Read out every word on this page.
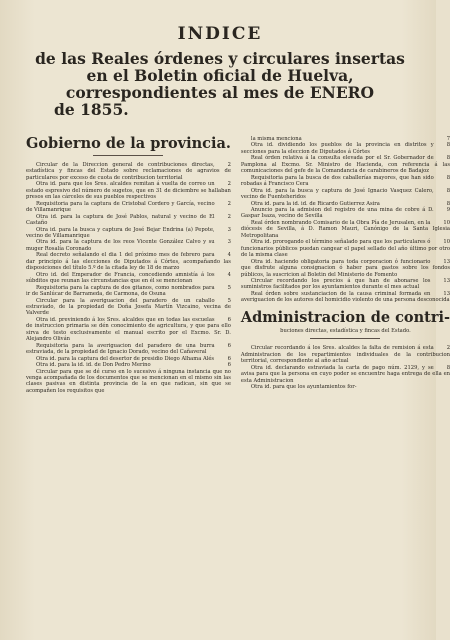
INDICE
de las Reales órdenes y circulares insertas en el Boletin oficial de Huelva, correspondientes al mes de ENERO
de 1855.
Gobierno de la provincia.

2
Circular de la Direccion general de contribuciones directas, estadística y fincas del Estado sobre reclamaciones de agravios de particulares por exceso de cuota de contribucion territorial

2
Otra id. para que los Sres. alcaldes remitan á vuelta de correo un estado espresivo del número de sugetos, que en 31 de diciembre se hallaban presos en las cárceles de sus pueblos respectivos

2
Requisitoria para la captura de Cristobal Cordero y García, vecino de Villamanrique

2
Otra id. para la captura de José Pablos, natural y vecino de El Castaño

3
Otra id. para la busca y captura de José Bejar Endrina (a) Pepote, vecino de Villamanrique

3
Otra id. para la captura de los reos Vicente González Calvo y su muger Rosalía Coronado

4
Real decreto señalando el dia 1 del próximo mes de febrero para dar principio á las elecciones de Diputados á Córtes, acompañando las disposiciones del título 5.º de la citada ley de 18 de marzo

4
Otro id. del Emperador de Francia, concediendo amnistía á los súbditos que reunan las circunstancias que en él se mencionan

5
Requisitoria para la captura de dos gitanos, como nombrados para ir de Sanlúcar de Barrameda, de Carmona, de Osuna

5
Circular para la averiguacion del paradero de un caballo estraviado, de la propiedad de Doña Josefa Martín Vizcaino, vecina de Valverde

6
Otra id. previniendo á los Sres. alcaldes que en todas las escuelas de instruccion primaria se dén conocimiento de agricultura, y que para ello sirva de testo exclusivamente el manual escrito por el Excmo. Sr. D. Alejandro Oliván

6
Requisitoria para la averiguacion del paradero de una burra estraviada, de la propiedad de Ignacio Dorado, vecino del Cañaveral

6
Otra id. para la captura del desertor de presidio Diego Alhama Alés

6
Otra id. para la id. id. de Don Pedro Merino

Circular para que se dé curso en lo sucesivo á ninguna instancia que no venga acompañada de los documentos que se mencionan en el mismo sin las clases pasivas en distinta provincia de la en que radican, sin que se acompañen los requisitos que

7
la misma menciona

8
Otra id. dividiendo los pueblos de la provincia en distritos y secciones para la eleccion de Diputados á Córtes

8
Real órden relativa á la consulta elevada por el Sr. Gobernador de Pamplona al Excmo. Sr. Ministro de Hacienda, con referencia á las comunicaciones del gefe de la Comandancia de carabineros de Badajoz

8
Requisitoria para la busca de dos caballerías mayores, que han sido robadas á Francisco Cera

8
Otra id. para la busca y captura de José Ignacio Vasquez Calero, vecino de Fuenteheridos

8
Otra id. para la id. id. de Ricardo Gutierrez Asira

9
Anuncio para la admision del registro de una mina de cobre á D. Gaspar Isaza, vecino de Sevilla

10
Real órden nombrando Comisario de la Obra Pía de Jerusalen, en la diócesis de Sevilla, á D. Ramon Mauri, Canónigo de la Santa Iglesia Metropolitana

10
Otra id. prorogando el término señalado para que los particulares ó funcionarios públicos puedan cangear el papel sellado del año último por otro de la misma clase

13
Otra id. haciendo obligatoria para toda corporacion ó funcionario que disfrute alguna consignacion ó haber para gastos sobre los fondos públicos, la suscricion al Boletin del Ministerio de Fomento

13
Circular recordando los precios á que han de abonarse los suministros facilitados por los ayuntamientos durante el mes actual

13
Real órden sobre sustanciacion de la causa criminal formada en averiguacion de los autores del homicidio violento de una persona desconocida

Administracion de contri-
buciones directas, estadística y fincas del Estado.

2
Circular recordando á los Sres. alcaldes la falta de remision á esta Administracion de los repartimientos individuales de la contribucion territorial, correspondiente al año actual

8
Otra id. declarando estraviada la carta de pago núm. 2129, y se avisa para que la persona en cuyo poder se encuentre haga entrega de ella en esta Administracion

Otra id. para que los ayuntamientos for-
